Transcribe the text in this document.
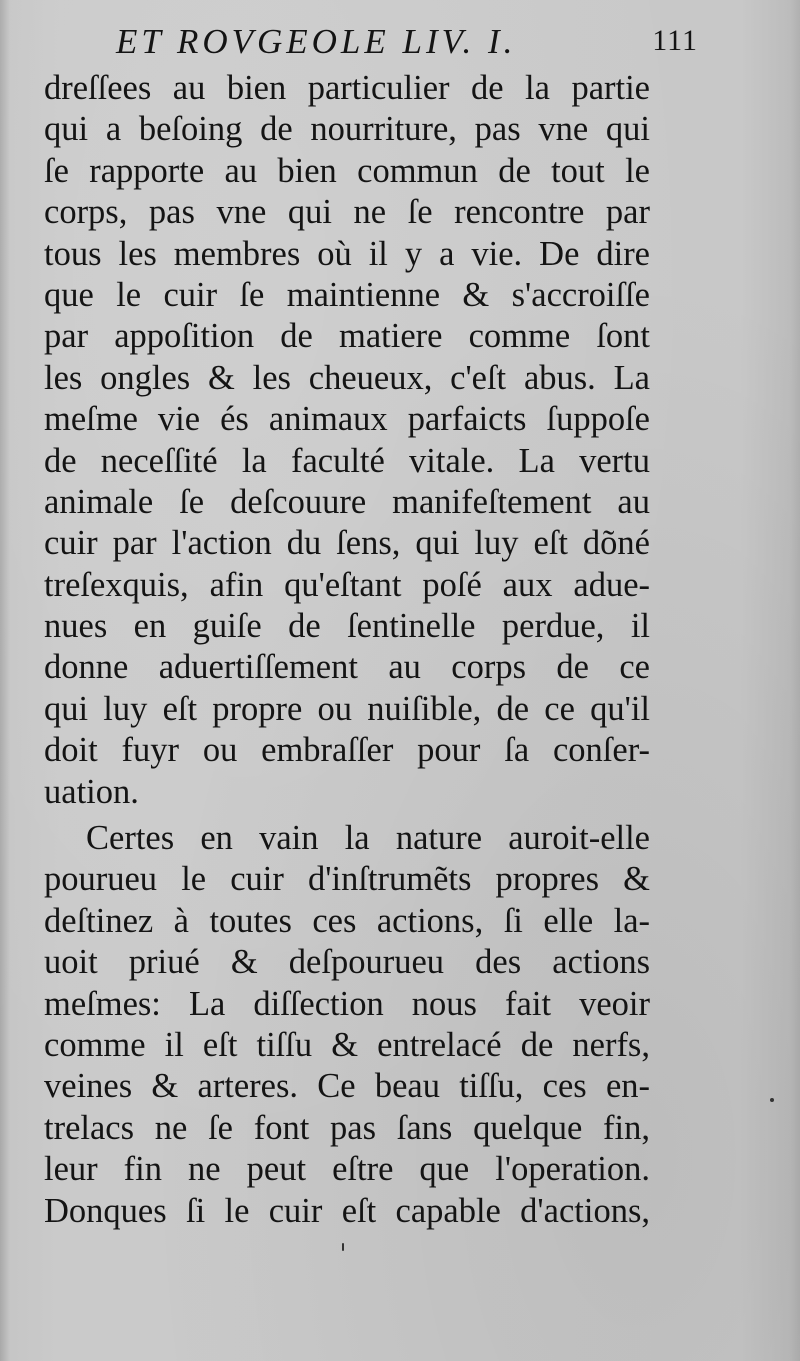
ET ROVGEOLE LIV. I.	111
dreſſees au bien particulier de la partie
qui a beſoing de nourriture, pas vne qui
ſe rapporte au bien commun de tout le
corps, pas vne qui ne ſe rencontre par
tous les membres où il y a vie. De dire
que le cuir ſe maintienne & s'accroiſſe
par appoſition de matiere comme ſont
les ongles & les cheueux, c'eſt abus. La
meſme vie és animaux parfaicts ſuppoſe
de neceſſité la faculté vitale. La vertu
animale ſe deſcouure manifeſtement au
cuir par l'action du ſens, qui luy eſt dõné
treſexquis, afin qu'eſtant poſé aux adue-
nues en guiſe de ſentinelle perdue, il
donne aduertiſſement au corps de ce
qui luy eſt propre ou nuiſible, de ce qu'il
doit fuyr ou embraſſer pour ſa conſer-
uation.
Certes en vain la nature auroit-elle
pourueu le cuir d'inſtrumẽts propres &
deſtinez à toutes ces actions, ſi elle la-
uoit priué & deſpourueu des actions
meſmes: La diſſection nous fait veoir
comme il eſt tiſſu & entrelacé de nerfs,
veines & arteres. Ce beau tiſſu, ces en-
trelacs ne ſe font pas ſans quelque fin,
leur fin ne peut eſtre que l'operation.
Donques ſi le cuir eſt capable d'actions,
